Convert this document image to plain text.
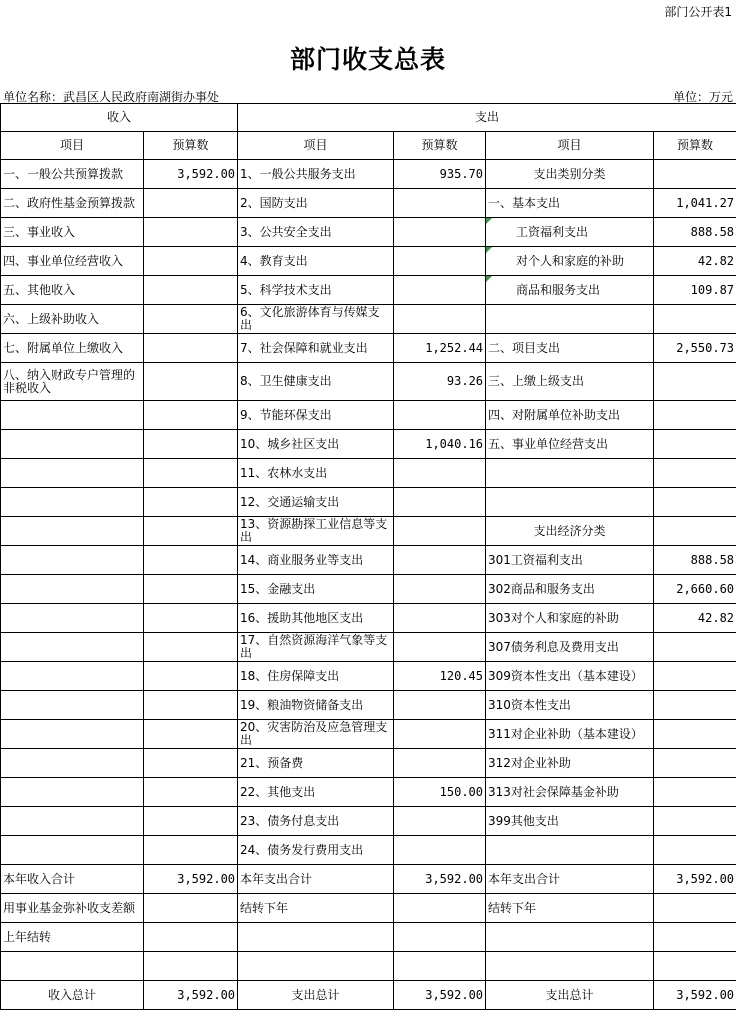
部门公开表1
部门收支总表
单位名称：武昌区人民政府南湖街办事处	单位：万元
收入		支出			
项目	预算数	项目	预算数	项目	预算数
一、一般公共预算拨款	3,592.00	1、一般公共服务支出	935.70	支出类别分类	
二、政府性基金预算拨款		2、国防支出		一、基本支出	1,041.27
三、事业收入		3、公共安全支出		工资福利支出	888.58
四、事业单位经营收入		4、教育支出		对个人和家庭的补助	42.82
五、其他收入		5、科学技术支出		商品和服务支出	109.87
六、上级补助收入		6、文化旅游体育与传媒支出			
七、附属单位上缴收入		7、社会保障和就业支出	1,252.44	二、项目支出	2,550.73
八、纳入财政专户管理的非税收入		8、卫生健康支出	93.26	三、上缴上级支出	
		9、节能环保支出		四、对附属单位补助支出	
		10、城乡社区支出	1,040.16	五、事业单位经营支出	
		11、农林水支出			
		12、交通运输支出			
		13、资源勘探工业信息等支出		支出经济分类	
		14、商业服务业等支出		301工资福利支出	888.58
		15、金融支出		302商品和服务支出	2,660.60
		16、援助其他地区支出		303对个人和家庭的补助	42.82
		17、自然资源海洋气象等支出		307债务利息及费用支出	
		18、住房保障支出	120.45	309资本性支出（基本建设）	
		19、粮油物资储备支出		310资本性支出	
		20、灾害防治及应急管理支出		311对企业补助（基本建设）	
		21、预备费		312对企业补助	
		22、其他支出	150.00	313对社会保障基金补助	
		23、债务付息支出		399其他支出	
		24、债务发行费用支出			
本年收入合计	3,592.00	本年支出合计	3,592.00	本年支出合计	3,592.00
用事业基金弥补收支差额		结转下年		结转下年	
上年结转					

收入总计	3,592.00	支出总计	3,592.00	支出总计	3,592.00
